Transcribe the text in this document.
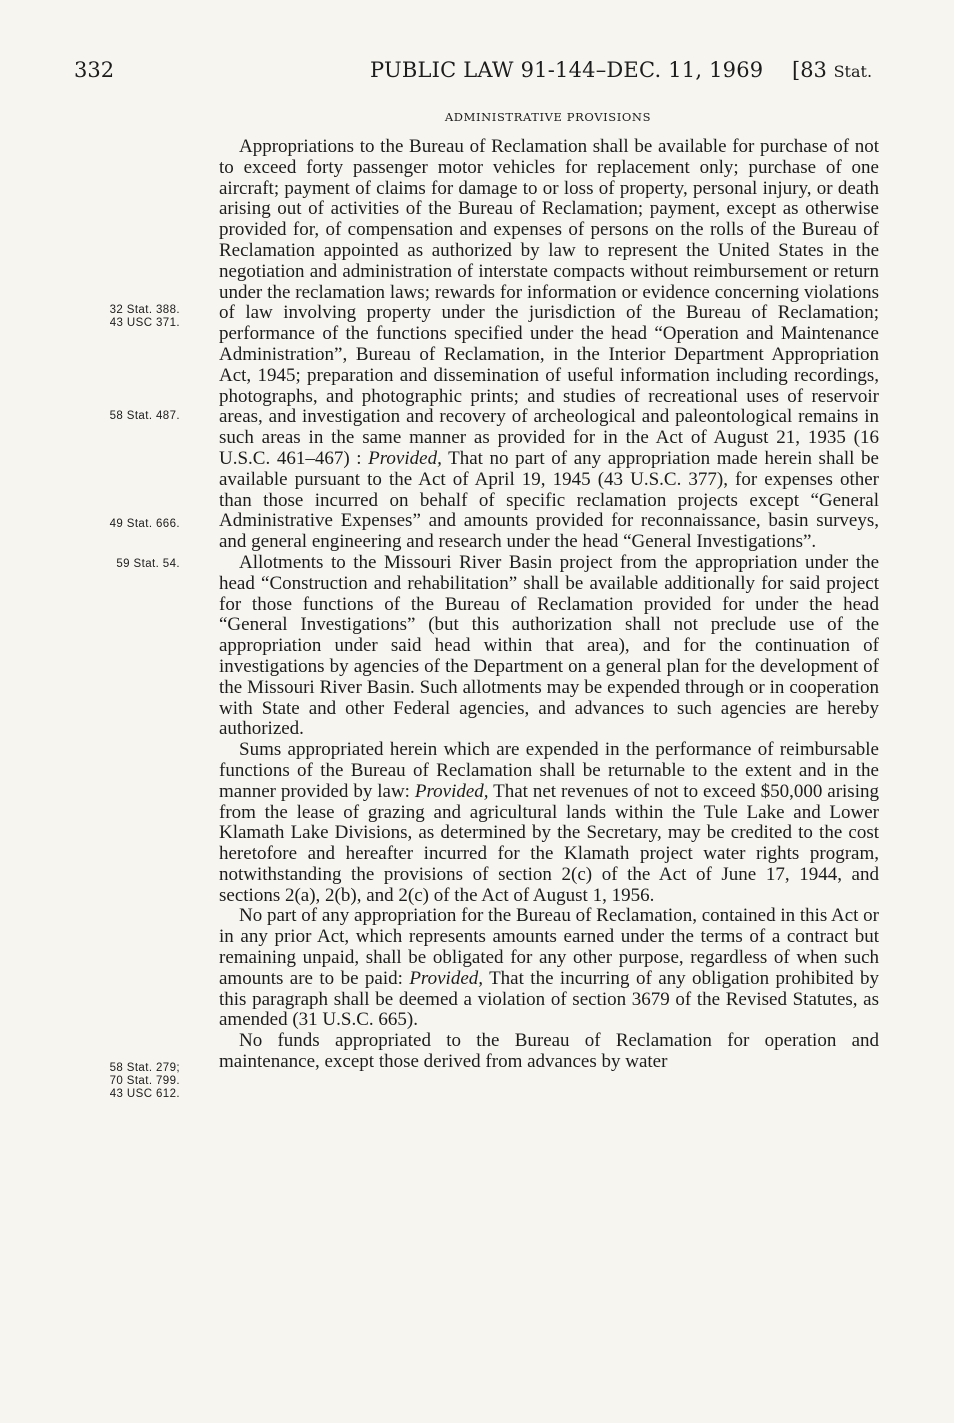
332	PUBLIC LAW 91-144–DEC. 11, 1969 [83 Stat.
ADMINISTRATIVE PROVISIONS

Appropriations to the Bureau of Reclamation shall be available for purchase of not to exceed forty passenger motor vehicles for replacement only; purchase of one aircraft; payment of claims for damage to or loss of property, personal injury, or death arising out of activities of the Bureau of Reclamation; payment, except as otherwise provided for, of compensation and expenses of persons on the rolls of the Bureau of Reclamation appointed as authorized by law to represent the United States in the negotiation and administration of interstate compacts without reimbursement or return under the reclamation laws; rewards for information or evidence concerning violations of law involving property under the jurisdiction of the Bureau of Reclamation; performance of the functions specified under the head “Operation and Maintenance Administration”, Bureau of Reclamation, in the Interior Department Appropriation Act, 1945; preparation and dissemination of useful information including recordings, photographs, and photographic prints; and studies of recreational uses of reservoir areas, and investigation and recovery of archeological and paleontological remains in such areas in the same manner as provided for in the Act of August 21, 1935 (16 U.S.C. 461–467) : Provided, That no part of any appropriation made herein shall be available pursuant to the Act of April 19, 1945 (43 U.S.C. 377), for expenses other than those incurred on behalf of specific reclamation projects except “General Administrative Expenses” and amounts provided for reconnaissance, basin surveys, and general engineering and research under the head “General Investigations”.

Allotments to the Missouri River Basin project from the appropriation under the head “Construction and rehabilitation” shall be available additionally for said project for those functions of the Bureau of Reclamation provided for under the head “General Investigations” (but this authorization shall not preclude use of the appropriation under said head within that area), and for the continuation of investigations by agencies of the Department on a general plan for the development of the Missouri River Basin. Such allotments may be expended through or in cooperation with State and other Federal agencies, and advances to such agencies are hereby authorized.

Sums appropriated herein which are expended in the performance of reimbursable functions of the Bureau of Reclamation shall be returnable to the extent and in the manner provided by law: Provided, That net revenues of not to exceed $50,000 arising from the lease of grazing and agricultural lands within the Tule Lake and Lower Klamath Lake Divisions, as determined by the Secretary, may be credited to the cost heretofore and hereafter incurred for the Klamath project water rights program, notwithstanding the provisions of section 2(c) of the Act of June 17, 1944, and sections 2(a), 2(b), and 2(c) of the Act of August 1, 1956.

No part of any appropriation for the Bureau of Reclamation, contained in this Act or in any prior Act, which represents amounts earned under the terms of a contract but remaining unpaid, shall be obligated for any other purpose, regardless of when such amounts are to be paid: Provided, That the incurring of any obligation prohibited by this paragraph shall be deemed a violation of section 3679 of the Revised Statutes, as amended (31 U.S.C. 665).

No funds appropriated to the Bureau of Reclamation for operation and maintenance, except those derived from advances by water

32 Stat. 388.
43 USC 371.
58 Stat. 487.
49 Stat. 666.
59 Stat. 54.
58 Stat. 279;
70 Stat. 799.
43 USC 612.
